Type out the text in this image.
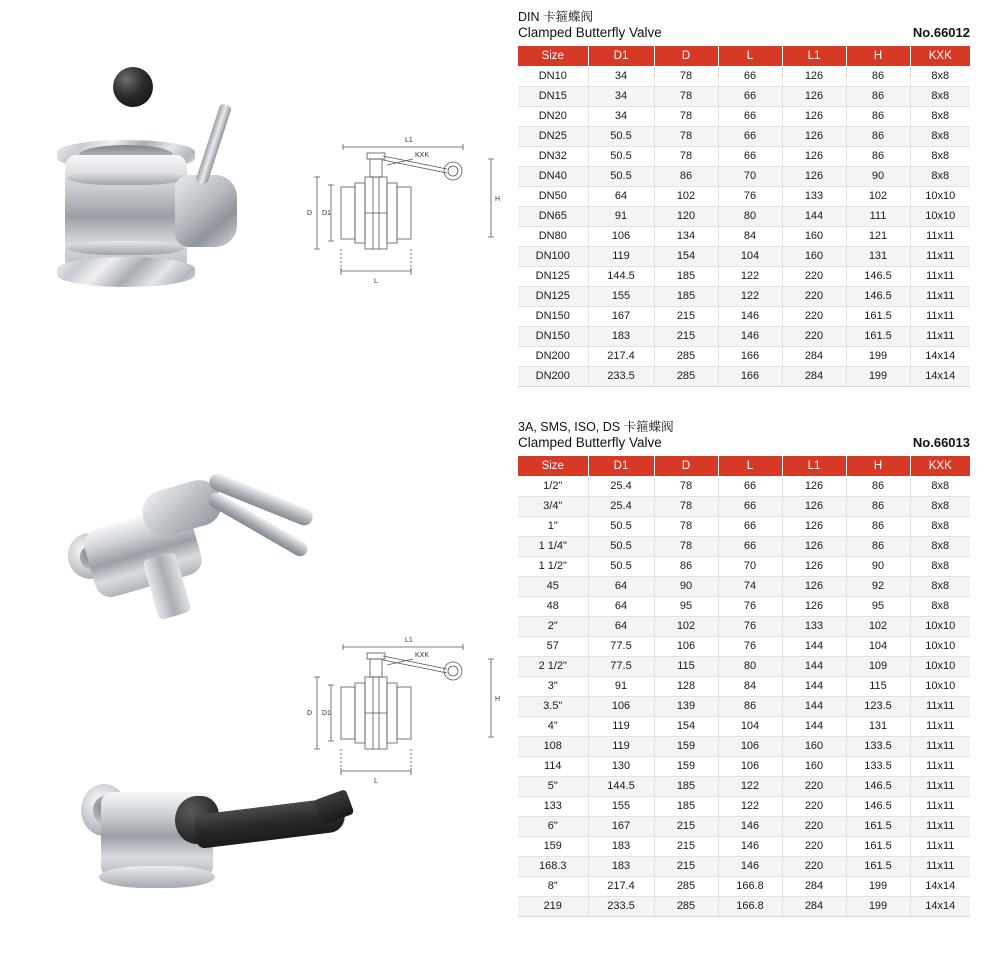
L1
KXK
H
D D1
L
L1
KXK
H
D D1
L
DIN 卡箍蝶阀
Clamped Butterfly Valve	No.66012
Size	D1	D	L	L1	H	KXK
DN10	34	78	66	126	86	8x8
DN15	34	78	66	126	86	8x8
DN20	34	78	66	126	86	8x8
DN25	50.5	78	66	126	86	8x8
DN32	50.5	78	66	126	86	8x8
DN40	50.5	86	70	126	90	8x8
DN50	64	102	76	133	102	10x10
DN65	91	120	80	144	111	10x10
DN80	106	134	84	160	121	11x11
DN100	119	154	104	160	131	11x11
DN125	144.5	185	122	220	146.5	11x11
DN125	155	185	122	220	146.5	11x11
DN150	167	215	146	220	161.5	11x11
DN150	183	215	146	220	161.5	11x11
DN200	217.4	285	166	284	199	14x14
DN200	233.5	285	166	284	199	14x14
3A, SMS, ISO, DS 卡箍蝶阀
Clamped Butterfly Valve	No.66013
Size	D1	D	L	L1	H	KXK
1/2"	25.4	78	66	126	86	8x8
3/4"	25.4	78	66	126	86	8x8
1"	50.5	78	66	126	86	8x8
1 1/4"	50.5	78	66	126	86	8x8
1 1/2"	50.5	86	70	126	90	8x8
45	64	90	74	126	92	8x8
48	64	95	76	126	95	8x8
2"	64	102	76	133	102	10x10
57	77.5	106	76	144	104	10x10
2 1/2"	77.5	115	80	144	109	10x10
3"	91	128	84	144	115	10x10
3.5"	106	139	86	144	123.5	11x11
4"	119	154	104	144	131	11x11
108	119	159	106	160	133.5	11x11
114	130	159	106	160	133.5	11x11
5"	144.5	185	122	220	146.5	11x11
133	155	185	122	220	146.5	11x11
6"	167	215	146	220	161.5	11x11
159	183	215	146	220	161.5	11x11
168.3	183	215	146	220	161.5	11x11
8"	217.4	285	166.8	284	199	14x14
219	233.5	285	166.8	284	199	14x14
